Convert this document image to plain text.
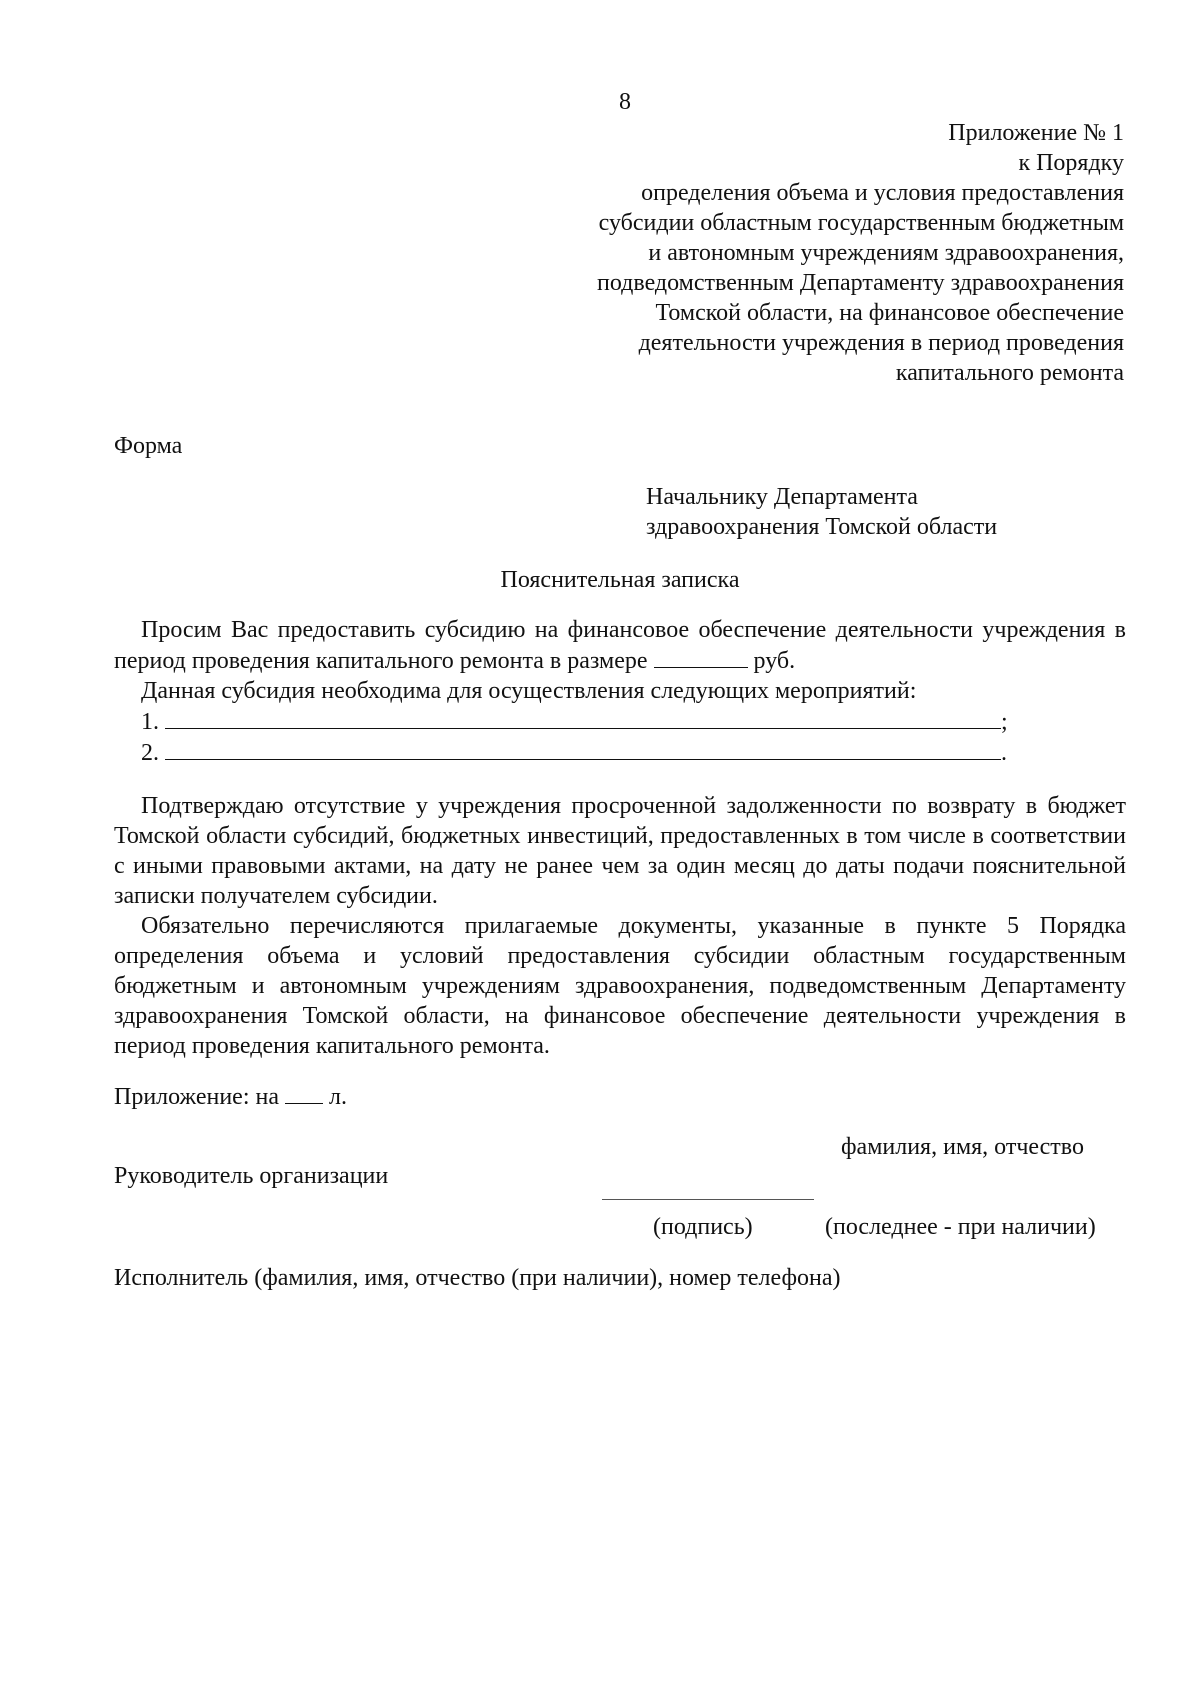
8
Приложение № 1
к Порядку
определения объема и условия предоставления
субсидии областным государственным бюджетным
и автономным учреждениям здравоохранения,
подведомственным Департаменту здравоохранения
Томской области, на финансовое обеспечение
деятельности учреждения в период проведения
капитального ремонта
Форма
Начальнику Департамента
здравоохранения Томской области
Пояснительная записка

Просим Вас предоставить субсидию на финансовое обеспечение деятельности учреждения в период проведения капитального ремонта в размере	руб.

Данная субсидия необходима для осуществления следующих мероприятий:

1.	;

2.	.

Подтверждаю отсутствие у учреждения просроченной задолженности по возврату в бюджет Томской области субсидий, бюджетных инвестиций, предоставленных в том числе в соответствии с иными правовыми актами, на дату не ранее чем за один месяц до даты подачи пояснительной записки получателем субсидии.

Обязательно перечисляются прилагаемые документы, указанные в пункте 5 Порядка определения объема и условий предоставления субсидии областным государственным бюджетным и автономным учреждениям здравоохранения, подведомственным Департаменту здравоохранения Томской области, на финансовое обеспечение деятельности учреждения в период проведения капитального ремонта.

Приложение: на л.
фамилия, имя, отчество
Руководитель организации
(подпись)	(последнее - при наличии)
Исполнитель (фамилия, имя, отчество (при наличии), номер телефона)
